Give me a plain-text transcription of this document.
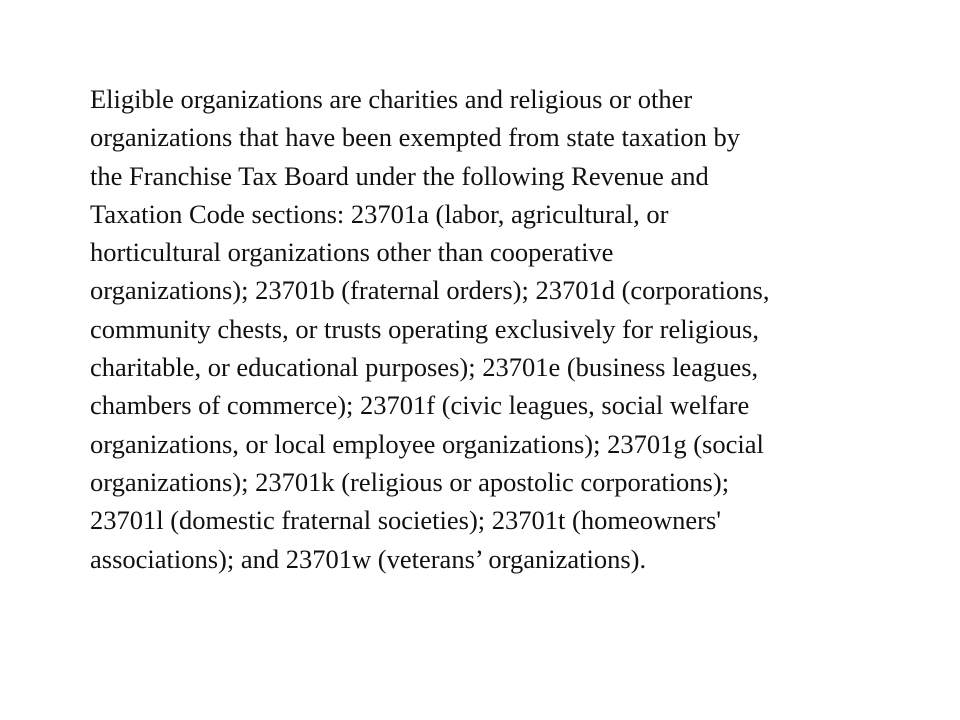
Eligible organizations are charities and religious or other
organizations that have been exempted from state taxation by
the Franchise Tax Board under the following Revenue and
Taxation Code sections: 23701a (labor, agricultural, or
horticultural organizations other than cooperative
organizations); 23701b (fraternal orders); 23701d (corporations,
community chests, or trusts operating exclusively for religious,
charitable, or educational purposes); 23701e (business leagues,
chambers of commerce); 23701f (civic leagues, social welfare
organizations, or local employee organizations); 23701g (social
organizations); 23701k (religious or apostolic corporations);
23701l (domestic fraternal societies); 23701t (homeowners'
associations); and 23701w (veterans’ organizations).
